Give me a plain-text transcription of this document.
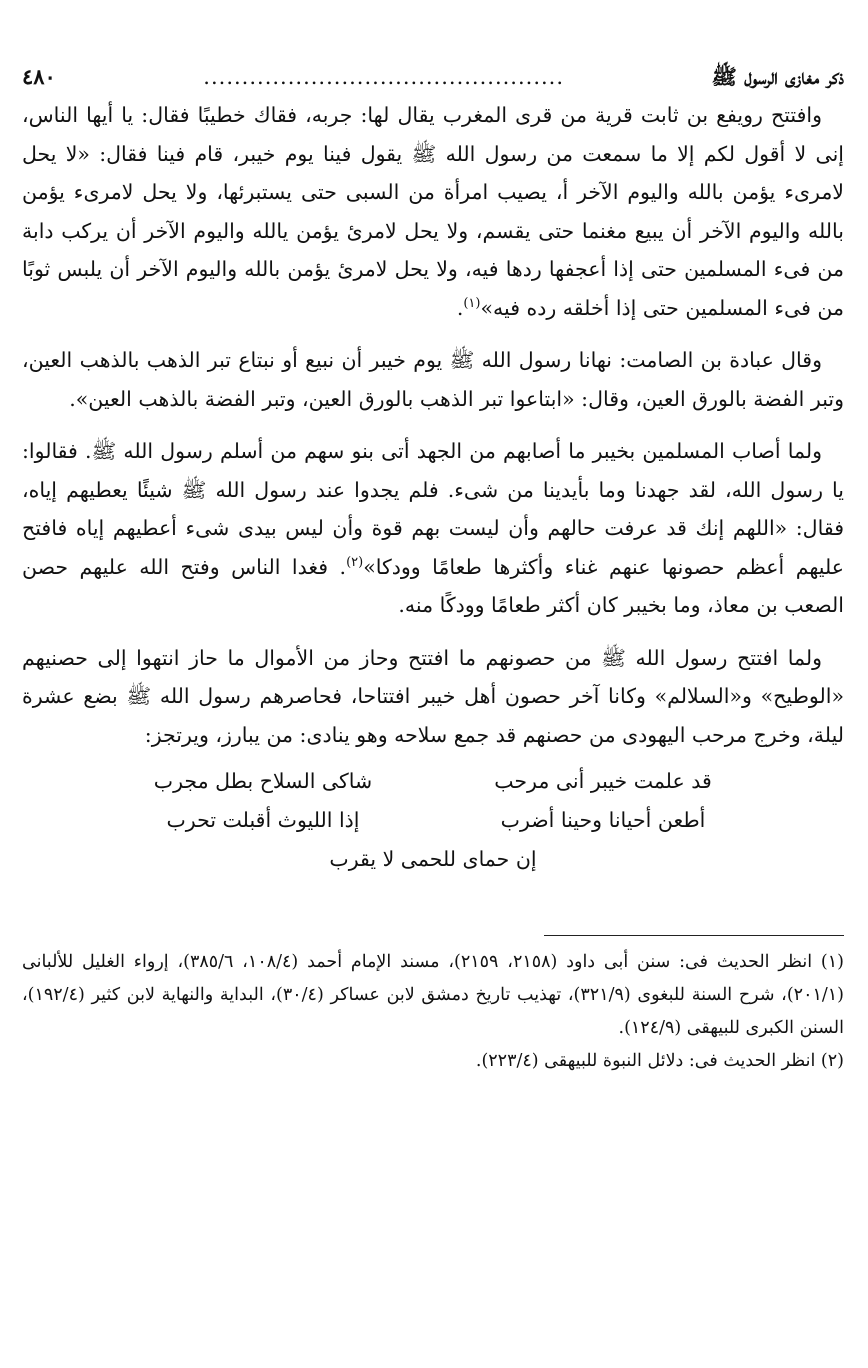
ذكر مغازى الرسول ﷺ
...............................................
٤٨٠

وافتتح رويفع بن ثابت قرية من قرى المغرب يقال لها: جربه، فقاك خطيبًا فقال: يا أيها الناس، إنى لا أقول لكم إلا ما سمعت من رسول الله ﷺ يقول فينا يوم خيبر، قام فينا فقال: «لا يحل لامرىء يؤمن بالله واليوم الآخر أ، يصيب امرأة من السبى حتى يستبرئها، ولا يحل لامرىء يؤمن بالله واليوم الآخر أن يبيع مغنما حتى يقسم، ولا يحل لامرئ يؤمن يالله واليوم الآخر أن يركب دابة من فىء المسلمين حتى إذا أعجفها ردها فيه، ولا يحل لامرئ يؤمن بالله واليوم الآخر أن يلبس ثوبًا من فىء المسلمين حتى إذا أخلقه رده فيه»$^{(١)}$.

وقال عبادة بن الصامت: نهانا رسول الله ﷺ يوم خيبر أن نبيع أو نبتاع تبر الذهب بالذهب العين، وتبر الفضة بالورق العين، وقال: «ابتاعوا تبر الذهب بالورق العين، وتبر الفضة بالذهب العين».

ولما أصاب المسلمين بخيبر ما أصابهم من الجهد أتى بنو سهم من أسلم رسول الله ﷺ. فقالوا: يا رسول الله، لقد جهدنا وما بأيدينا من شىء. فلم يجدوا عند رسول الله ﷺ شيئًا يعطيهم إياه، فقال: «اللهم إنك قد عرفت حالهم وأن ليست بهم قوة وأن ليس بيدى شىء أعطيهم إياه فافتح عليهم أعظم حصونها عنهم غناء وأكثرها طعامًا وودكا»$^{(٢)}$. فغدا الناس وفتح الله عليهم حصن الصعب بن معاذ، وما بخيبر كان أكثر طعامًا وودكًا منه.

ولما افتتح رسول الله ﷺ من حصونهم ما افتتح وحاز من الأموال ما حاز انتهوا إلى حصنيهم «الوطيح» و«السلالم» وكانا آخر حصون أهل خيبر افتتاحا، فحاصرهم رسول الله ﷺ بضع عشرة ليلة، وخرج مرحب اليهودى من حصنهم قد جمع سلاحه وهو ينادى: من يبارز، ويرتجز:

قد علمت خيبر أنى مرحب
شاكى السلاح بطل مجرب
أطعن أحيانا وحينا أضرب
إذا الليوث أقبلت تحرب
إن حماى للحمى لا يقرب

(١) انظر الحديث فى: سنن أبى داود (٢١٥٨، ٢١٥٩)، مسند الإمام أحمد (١٠٨/٤، ٣٨٥/٦)، إرواء الغليل للألبانى (٢٠١/١)، شرح السنة للبغوى (٣٢١/٩)، تهذيب تاريخ دمشق لابن عساكر (٣٠/٤)، البداية والنهاية لابن كثير (١٩٢/٤)، السنن الكبرى للبيهقى (١٢٤/٩).

(٢) انظر الحديث فى: دلائل النبوة للبيهقى (٢٢٣/٤).
